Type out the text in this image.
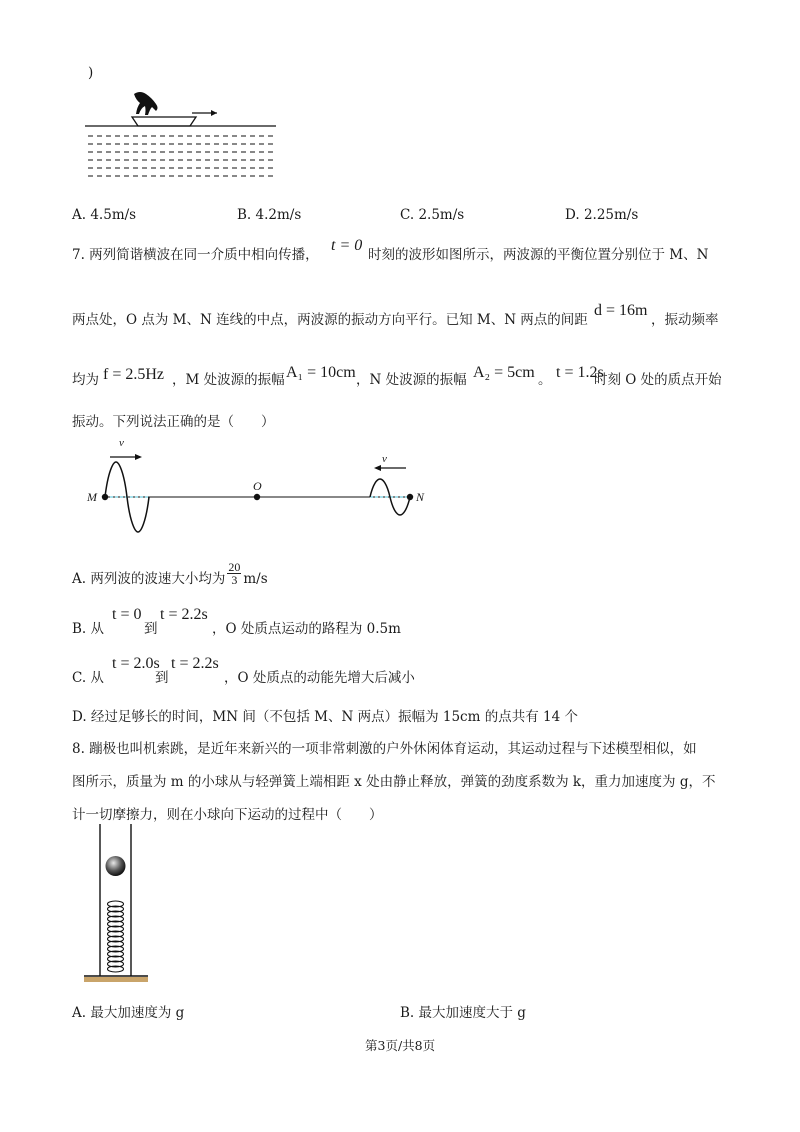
)
A. 4.5m/s	B. 4.2m/s	C. 2.5m/s	D. 2.25m/s
7. 两列简谐横波在同一介质中相向传播，
t = 0
时刻的波形如图所示，两波源的平衡位置分别位于 M、N
两点处，O 点为 M、N 连线的中点，两波源的振动方向平行。已知 M、N 两点的间距
d = 16m
，振动频率
均为 f = 2.5Hz ，M 处波源的振幅 A₁ = 10cm ，N 处波源的振幅 A₂ = 5cm 。 t = 1.2s
时刻 O 处的质点开始
振动。下列说法正确的是（　　）
v
v
M
O
N
A. 两列波的波速大小均为 $\frac{20}{3} m/s$
B. 从
t = 0
到
t = 2.2s
，O 处质点运动的路程为 0.5m
C. 从
t = 2.0s
到
t = 2.2s
，O 处质点的动能先增大后减小
D. 经过足够长的时间，MN 间（不包括 M、N 两点）振幅为 15cm 的点共有 14 个
8. 蹦极也叫机索跳，是近年来新兴的一项非常刺激的户外休闲体育运动，其运动过程与下述模型相似，如
图所示，质量为 m 的小球从与轻弹簧上端相距 x 处由静止释放，弹簧的劲度系数为 k，重力加速度为 g，不
计一切摩擦力，则在小球向下运动的过程中（　　）
A. 最大加速度为 g	B. 最大加速度大于 g
第3页/共8页
